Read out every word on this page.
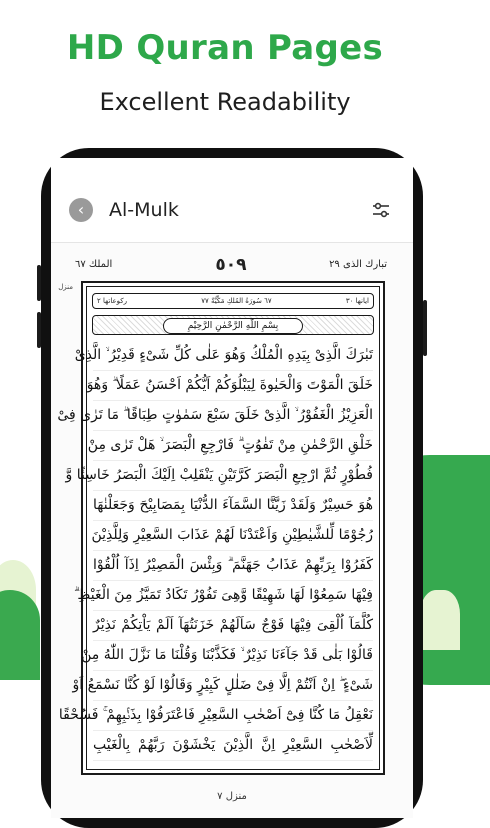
HD Quran Pages
Excellent Readability
‹	Al-Mulk
الملك ٦٧	٥٠٩	تبارك الذى ٢٩
منزل
ايانها ٣٠
٦٧ سُورَةُ المُلكِ مَكِّيَّةٌ ٧٧
ركوعاتها ٢
بِسْمِ اللّٰهِ الرَّحْمٰنِ الرَّحِيْمِ
تَبٰرَكَ الَّذِىْ بِيَدِهِ الْمُلْكُ وَهُوَ عَلٰى كُلِّ شَىْءٍ قَدِيْرُ ۙ الَّذِىْ
خَلَقَ الْمَوْتَ وَالْحَيٰوةَ لِيَبْلُوَكُمْ اَيُّكُمْ اَحْسَنُ عَمَلًا ۗ وَهُوَ
الْعَزِيْزُ الْغَفُوْرُ ۙ الَّذِىْ خَلَقَ سَبْعَ سَمٰوٰتٍ طِبَاقًا ۗ مَا تَرٰى فِىْ
خَلْقِ الرَّحْمٰنِ مِنْ تَفٰوُتٍ ۗ فَارْجِعِ الْبَصَرَ ۙ هَلْ تَرٰى مِنْ
فُطُوْرٍ ثُمَّ ارْجِعِ الْبَصَرَ كَرَّتَيْنِ يَنْقَلِبْ اِلَيْكَ الْبَصَرُ خَاسِئًا وَّ
هُوَ حَسِيْرٌ وَلَقَدْ زَيَّنَّا السَّمَآءَ الدُّنْيَا بِمَصَابِيْحَ وَجَعَلْنٰهَا
رُجُوْمًا لِّلشَّيٰطِيْنِ وَاَعْتَدْنَا لَهُمْ عَذَابَ السَّعِيْرِ وَلِلَّذِيْنَ
كَفَرُوْا بِرَبِّهِمْ عَذَابُ جَهَنَّمَ ۗ وَبِئْسَ الْمَصِيْرُ اِذَآ اُلْقُوْا
فِيْهَا سَمِعُوْا لَهَا شَهِيْقًا وَّهِىَ تَفُوْرُ تَكَادُ تَمَيَّزُ مِنَ الْغَيْظِ ۗ
كُلَّمَآ اُلْقِىَ فِيْهَا فَوْجٌ سَاَلَهُمْ خَزَنَتُهَآ اَلَمْ يَاْتِكُمْ نَذِيْرٌ
قَالُوْا بَلٰى قَدْ جَآءَنَا نَذِيْرٌ ۙ فَكَذَّبْنَا وَقُلْنَا مَا نَزَّلَ اللّٰهُ مِنْ
شَىْءٍ ۖ اِنْ اَنْتُمْ اِلَّا فِىْ ضَلٰلٍ كَبِيْرٍ وَقَالُوْا لَوْ كُنَّا نَسْمَعُ اَوْ
نَعْقِلُ مَا كُنَّا فِىْٓ اَصْحٰبِ السَّعِيْرِ فَاعْتَرَفُوْا بِذَنْۢبِهِمْ ۚ فَسُحْقًا
لِّاَصْحٰبِ السَّعِيْرِ اِنَّ الَّذِيْنَ يَخْشَوْنَ رَبَّهُمْ بِالْغَيْبِ
منزل ٧
